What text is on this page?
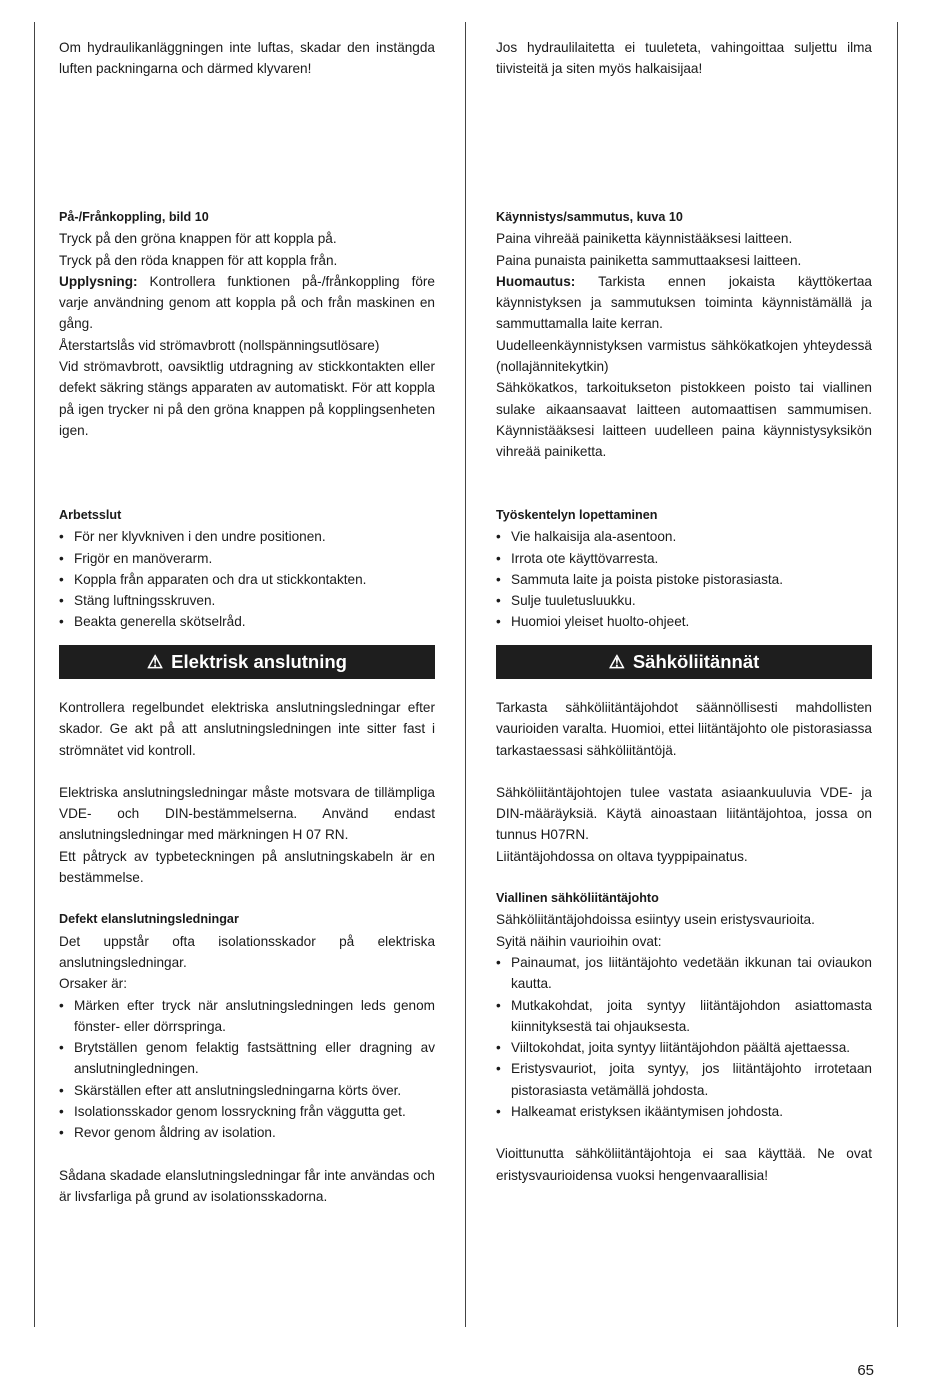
Om hydraulikanläggningen inte luftas, skadar den instängda luften packningarna och därmed klyvaren!

På-/Frånkoppling, bild 10

Tryck på den gröna knappen för att koppla på.

Tryck på den röda knappen för att koppla från.

Upplysning: Kontrollera funktionen på-/frånkoppling före varje användning genom att koppla på och från maskinen en gång.

Återstartslås vid strömavbrott (nollspänningsutlösare)

Vid strömavbrott, oavsiktlig utdragning av stickkontakten eller defekt säkring stängs apparaten av automatiskt. För att koppla på igen trycker ni på den gröna knappen på kopplingsenheten igen.

Arbetsslut

• För ner klyvkniven i den undre positionen.

• Frigör en manöverarm.

• Koppla från apparaten och dra ut stickkontakten.

• Stäng luftningsskruven.

• Beakta generella skötselråd.

⚠ Elektrisk anslutning

Kontrollera regelbundet elektriska anslutningsledningar efter skador. Ge akt på att anslutningsledningen inte sitter fast i strömnätet vid kontroll.

Elektriska anslutningsledningar måste motsvara de tillämpliga VDE- och DIN-bestämmelserna. Använd endast anslutningsledningar med märkningen H 07 RN.

Ett påtryck av typbeteckningen på anslutningskabeln är en bestämmelse.

Defekt elanslutningsledningar

Det uppstår ofta isolationsskador på elektriska anslutningsledningar.

Orsaker är:

• Märken efter tryck när anslutningsledningen leds genom fönster- eller dörrspringa.

• Brytställen genom felaktig fastsättning eller dragning av anslutningledningen.

• Skärställen efter att anslutningsledningarna körts över.

• Isolationsskador genom lossryckning från väggutta get.

• Revor genom åldring av isolation.

Sådana skadade elanslutningsledningar får inte användas och är livsfarliga på grund av isolationsskadorna.

Jos hydraulilaitetta ei tuuleteta, vahingoittaa suljettu ilma tiivisteitä ja siten myös halkaisijaa!

Käynnistys/sammutus, kuva 10

Paina vihreää painiketta käynnistääksesi laitteen.

Paina punaista painiketta sammuttaaksesi laitteen.

Huomautus: Tarkista ennen jokaista käyttökertaa käynnistyksen ja sammutuksen toiminta käynnistämällä ja sammuttamalla laite kerran.

Uudelleenkäynnistyksen varmistus sähkökatkojen yhteydessä (nollajännitekytkin)

Sähkökatkos, tarkoitukseton pistokkeen poisto tai viallinen sulake aikaansaavat laitteen automaattisen sammumisen. Käynnistääksesi laitteen uudelleen paina käynnistysyksikön vihreää painiketta.

Työskentelyn lopettaminen

• Vie halkaisija ala-asentoon.

• Irrota ote käyttövarresta.

• Sammuta laite ja poista pistoke pistorasiasta.

• Sulje tuuletusluukku.

• Huomioi yleiset huolto-ohjeet.

⚠ Sähköliitännät

Tarkasta sähköliitäntäjohdot säännöllisesti mahdollisten vaurioiden varalta. Huomioi, ettei liitäntäjohto ole pistorasiassa tarkastaessasi sähköliitäntöjä.

Sähköliitäntäjohtojen tulee vastata asiaankuuluvia VDE- ja DIN-määräyksiä. Käytä ainoastaan liitäntäjohtoa, jossa on tunnus H07RN.

Liitäntäjohdossa on oltava tyyppipainatus.

Viallinen sähköliitäntäjohto

Sähköliitäntäjohdoissa esiintyy usein eristysvaurioita.

Syitä näihin vaurioihin ovat:

• Painaumat, jos liitäntäjohto vedetään ikkunan tai oviaukon kautta.

• Mutkakohdat, joita syntyy liitäntäjohdon asiattomasta kiinnityksestä tai ohjauksesta.

• Viiltokohdat, joita syntyy liitäntäjohdon päältä ajettaessa.

• Eristysvauriot, joita syntyy, jos liitäntäjohto irrotetaan pistorasiasta vetämällä johdosta.

• Halkeamat eristyksen ikääntymisen johdosta.

Vioittunutta sähköliitäntäjohtoja ei saa käyttää. Ne ovat eristysvaurioidensa vuoksi hengenvaarallisia!

65
